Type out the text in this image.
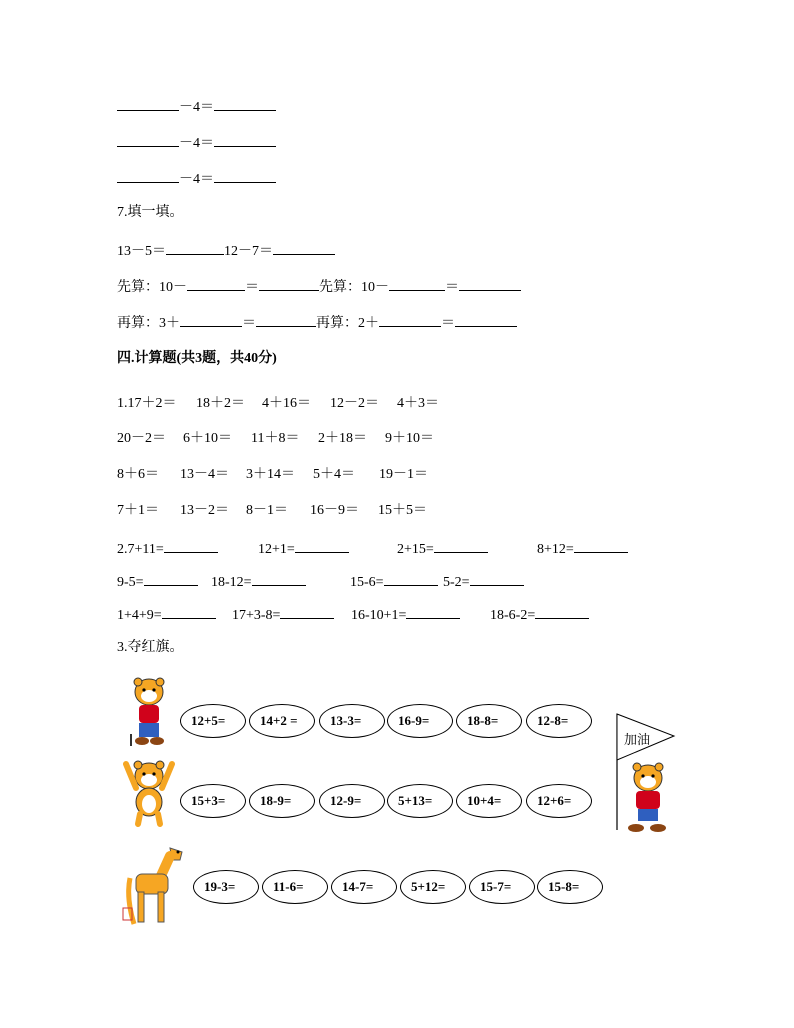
－4＝
－4＝
－4＝
7.填一填。
13－5＝	12－7＝
先算：10－	＝	先算：10－	＝
再算：3＋	＝	再算：2＋	＝
四.计算题(共3题，共40分)
1.17＋2＝ 18＋2＝ 4＋16＝ 12－2＝ 4＋3＝
20－2＝ 6＋10＝ 11＋8＝ 2＋18＝ 9＋10＝
8＋6＝ 13－4＝ 3＋14＝ 5＋4＝ 19－1＝
7＋1＝ 13－2＝ 8－1＝ 16－9＝ 15＋5＝
2.7+11=	12+1=	2+15=	8+12=
9-5=	18-12=	15-6=	5-2=
1+4+9=	17+3-8=	16-10+1=	18-6-2=
3.夺红旗。
12+5=	14+2 =	13-3=	16-9=	18-8=	12-8=
加油
15+3=	18-9=	12-9=	5+13=	10+4=	12+6=
19-3=	11-6=	14-7=	5+12=	15-7=	15-8=
